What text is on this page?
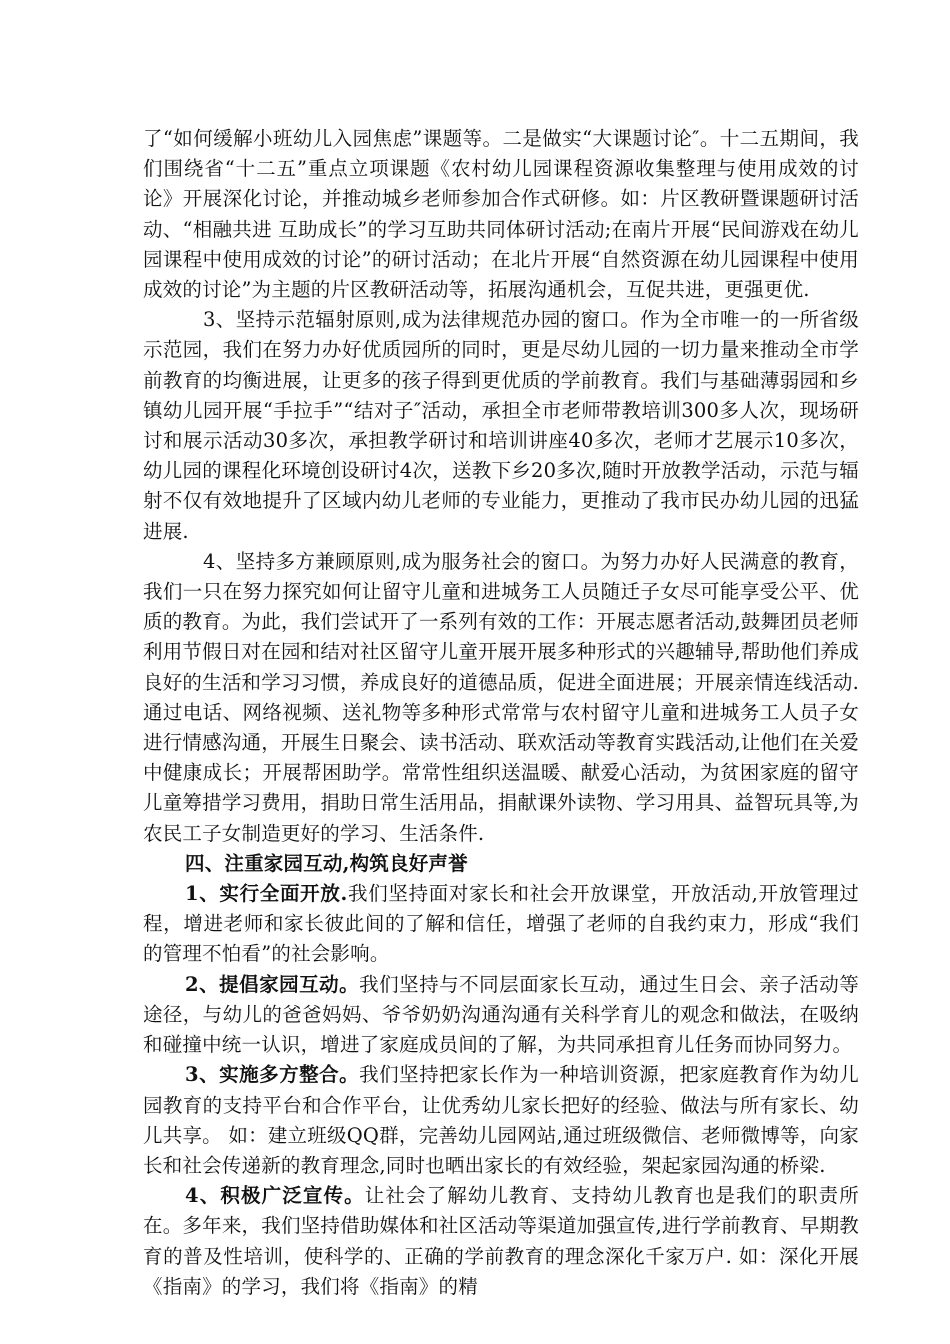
了“如何缓解小班幼儿入园焦虑”课题等。二是做实“大课题讨论″。十二五期间，我们围绕省“十二五”重点立项课题《农村幼儿园课程资源收集整理与使用成效的讨论》开展深化讨论，并推动城乡老师参加合作式研修。如：片区教研暨课题研讨活动、“相融共进 互助成长”的学习互助共同体研讨活动;在南片开展“民间游戏在幼儿园课程中使用成效的讨论”的研讨活动；在北片开展“自然资源在幼儿园课程中使用成效的讨论”为主题的片区教研活动等，拓展沟通机会，互促共进，更强更优.

3、坚持示范辐射原则,成为法律规范办园的窗口。作为全市唯一的一所省级示范园，我们在努力办好优质园所的同时，更是尽幼儿园的一切力量来推动全市学前教育的均衡进展，让更多的孩子得到更优质的学前教育。我们与基础薄弱园和乡镇幼儿园开展“手拉手”“结对子″活动，承担全市老师带教培训300多人次，现场研讨和展示活动30多次，承担教学研讨和培训讲座40多次，老师才艺展示10多次，幼儿园的课程化环境创设研讨4次，送教下乡20多次,随时开放教学活动，示范与辐射不仅有效地提升了区域内幼儿老师的专业能力，更推动了我市民办幼儿园的迅猛进展.

4、坚持多方兼顾原则,成为服务社会的窗口。为努力办好人民满意的教育，我们一只在努力探究如何让留守儿童和进城务工人员随迁子女尽可能享受公平、优质的教育。为此，我们尝试开了一系列有效的工作：开展志愿者活动,鼓舞团员老师利用节假日对在园和结对社区留守儿童开展开展多种形式的兴趣辅导,帮助他们养成良好的生活和学习习惯，养成良好的道德品质，促进全面进展；开展亲情连线活动.通过电话、网络视频、送礼物等多种形式常常与农村留守儿童和进城务工人员子女进行情感沟通，开展生日聚会、读书活动、联欢活动等教育实践活动,让他们在关爱中健康成长；开展帮困助学。常常性组织送温暖、献爱心活动，为贫困家庭的留守儿童筹措学习费用，捐助日常生活用品，捐献课外读物、学习用具、益智玩具等,为农民工子女制造更好的学习、生活条件.

四、注重家园互动,构筑良好声誉

1、实行全面开放.我们坚持面对家长和社会开放课堂，开放活动,开放管理过程，增进老师和家长彼此间的了解和信任，增强了老师的自我约束力，形成“我们的管理不怕看”的社会影响。

2、提倡家园互动。我们坚持与不同层面家长互动，通过生日会、亲子活动等途径，与幼儿的爸爸妈妈、爷爷奶奶沟通沟通有关科学育儿的观念和做法，在吸纳和碰撞中统一认识，增进了家庭成员间的了解，为共同承担育儿任务而协同努力。

3、实施多方整合。我们坚持把家长作为一种培训资源，把家庭教育作为幼儿园教育的支持平台和合作平台，让优秀幼儿家长把好的经验、做法与所有家长、幼儿共享。 如：建立班级QQ群，完善幼儿园网站,通过班级微信、老师微博等，向家长和社会传递新的教育理念,同时也晒出家长的有效经验，架起家园沟通的桥梁.

4、积极广泛宣传。让社会了解幼儿教育、支持幼儿教育也是我们的职责所在。多年来，我们坚持借助媒体和社区活动等渠道加强宣传,进行学前教育、早期教育的普及性培训，使科学的、正确的学前教育的理念深化千家万户. 如：深化开展《指南》的学习，我们将《指南》的精
